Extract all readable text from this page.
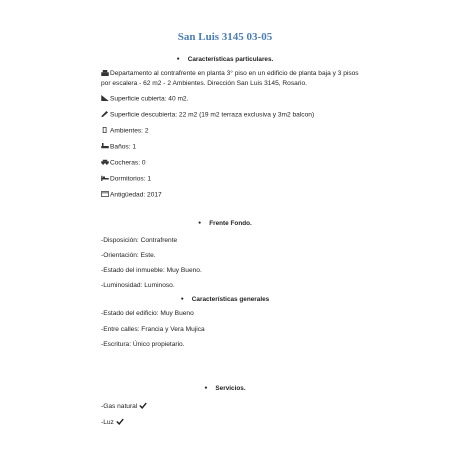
San Luis 3145 03-05
● Características particulares.
Departamento al contrafrente en planta 3° piso en un edificio de planta baja y 3 pisos por escalera - 62 m2 - 2 Ambientes. Dirección San Luis 3145, Rosario.
Superficie cubierta: 40 m2.
Superficie descubierta: 22 m2 (19 m2 terraza exclusiva y 3m2 balcon)
Ambientes: 2
Baños: 1
Cocheras: 0
Dormitorios: 1
Antigüedad: 2017
● Frente Fondo.
-Disposición: Contrafrente
-Orientación: Este.
-Estado del inmueble: Muy Bueno.
-Luminosidad: Luminoso.
● Características generales
-Estado del edificio: Muy Bueno
-Entre calles: Francia y Vera Mujica
-Escritura: Único propietario.
● Servicios.
-Gas natural
-Luz
